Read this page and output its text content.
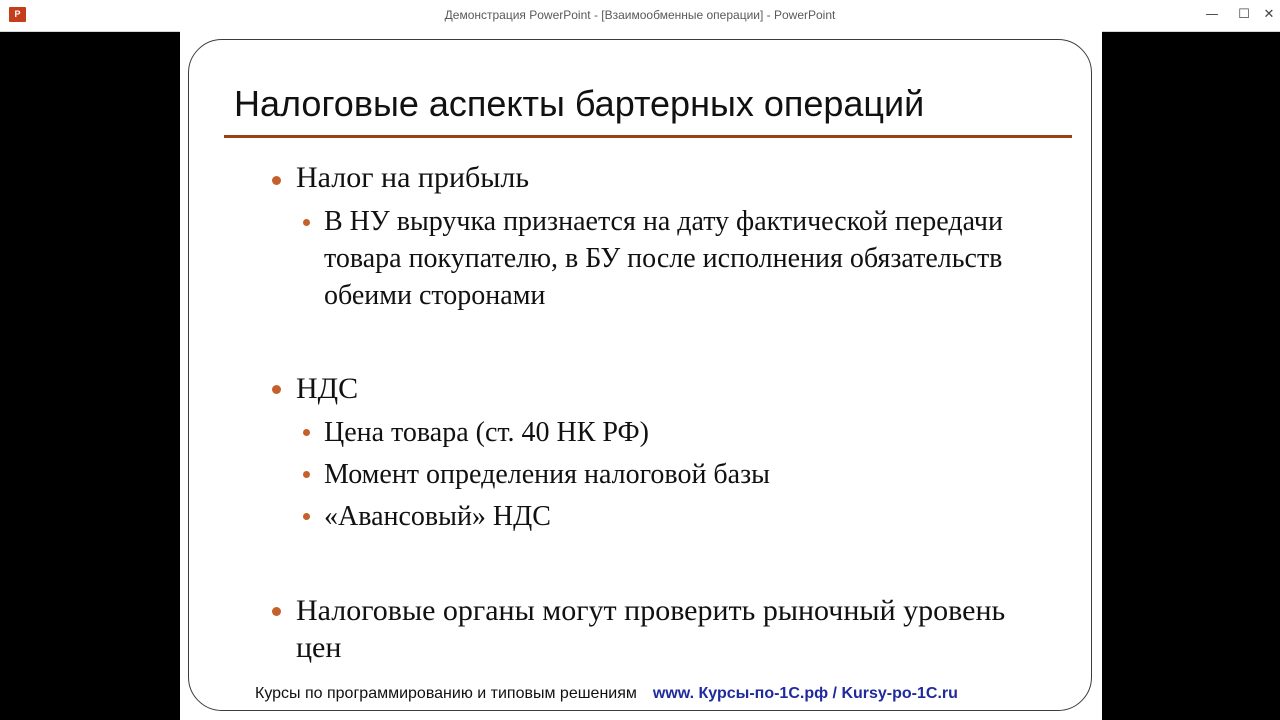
P	Демонстрация PowerPoint - [Взаимообменные операции] - PowerPoint	—	☐	✕
Налоговые аспекты бартерных операций
Налог на прибыль
В НУ выручка признается на дату фактической передачи товара покупателю, в БУ после исполнения обязательств обеими сторонами
НДС
Цена товара (ст. 40 НК РФ)
Момент определения налоговой базы
«Авансовый» НДС
Налоговые органы могут проверить рыночный уровень цен
Курсы по программированию и типовым решениям www. Курсы-по-1С.рф / Kursy-po-1C.ru
